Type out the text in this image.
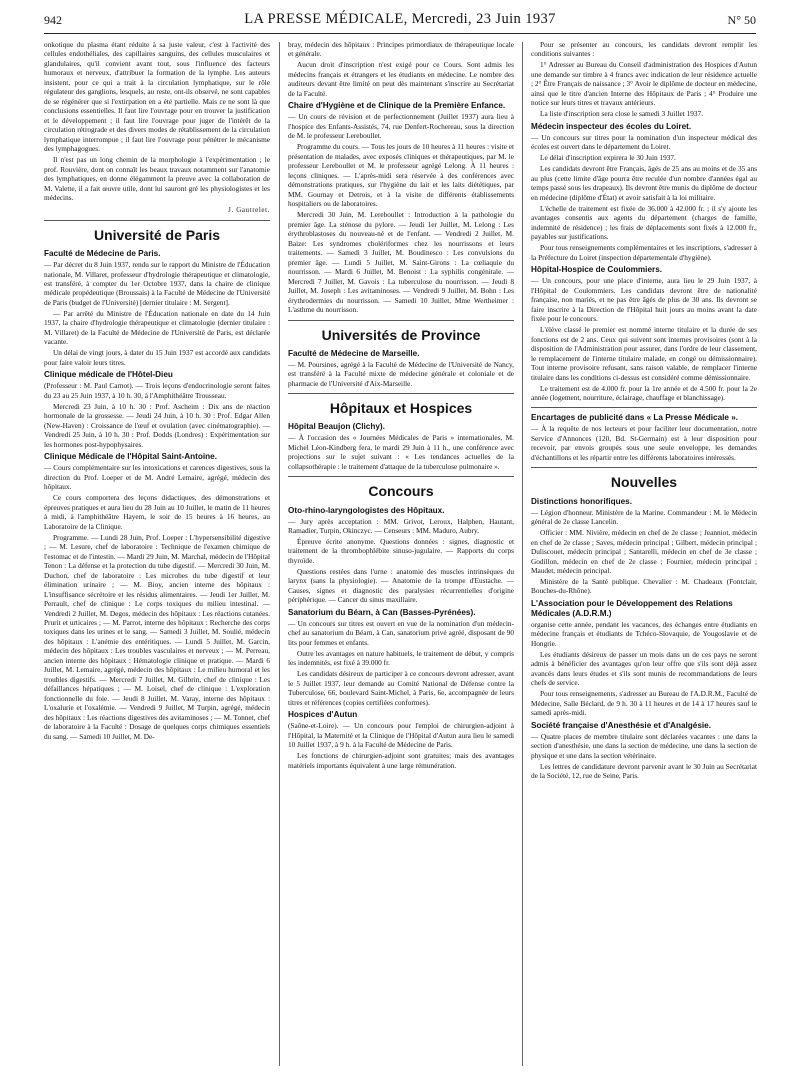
942	LA PRESSE MÉDICALE, Mercredi, 23 Juin 1937	N° 50

onkotique du plasma étant réduite à sa juste valeur, c'est à l'activité des cellules endothéliales, des capillaires sanguins, des cellules musculaires et glandulaires, qu'il convient avant tout, sous l'influence des facteurs humoraux et nerveux, d'attribuer la formation de la lymphe. Les auteurs insistent, pour ce qui a trait à la circulation lymphatique, sur le rôle régulateur des ganglions, lesquels, au reste, ont-ils observé, ne sont capables de se régénérer que si l'extirpation en a été partielle. Mais ce ne sont là que conclusions essentielles. Il faut lire l'ouvrage pour en trouver la justification et le développement ; il faut lire l'ouvrage pour juger de l'intérêt de la circulation rétrograde et des divers modes de rétablissement de la circulation lymphatique interrompue ; il faut lire l'ouvrage pour pénétrer le mécanisme des lymphagogues.

Il n'est pas un long chemin de la morphologie à l'expérimentation ; le prof. Rouvière, dont on connaît les beaux travaux notamment sur l'anatomie des lymphatiques, en donne élégamment la preuve avec la collaboration de M. Valette, il a fait œuvre utile, dont lui sauront gré les physiologistes et les médecins.

J. Gautrelet.
Université de Paris
Faculté de Médecine de Paris.

— Par décret du 8 Juin 1937, rendu sur le rapport du Ministre de l'Éducation nationale, M. Villaret, professeur d'hydrologie thérapeutique et climatologie, est transféré, à compter du 1er Octobre 1937, dans la chaire de clinique médicale propédeutique (Broussais) à la Faculté de Médecine de l'Université de Paris (budget de l'Université) [dernier titulaire : M. Sergent].

— Par arrêté du Ministre de l'Éducation nationale en date du 14 Juin 1937, la chaire d'hydrologie thérapeutique et climatologie (dernier titulaire : M. Villaret) de la Faculté de Médecine de l'Université de Paris, est déclarée vacante.

Un délai de vingt jours, à dater du 15 Juin 1937 est accordé aux candidats pour faire valoir leurs titres.

Clinique médicale de l'Hôtel-Dieu

(Professeur : M. Paul Carnot). — Trois leçons d'endocrinologie seront faites du 23 au 25 Juin 1937, à 10 h. 30, à l'Amphithéâtre Trousseau.

Mercredi 23 Juin, à 10 h. 30 : Prof. Ascheim : Dix ans de réaction hormonale de la grossesse. — Jeudi 24 Juin, à 10 h. 30 : Prof. Edgar Allen (New-Haven) : Croissance de l'œuf et ovulation (avec cinématographie). — Vendredi 25 Juin, à 10 h. 30 : Prof. Dodds (Londres) : Expérimentation sur les hormones post-hypophysaires.

Clinique Médicale de l'Hôpital Saint-Antoine.

— Cours complémentaire sur les intoxications et carences digestives, sous la direction du Prof. Loeper et de M. André Lemaire, agrégé, médecin des hôpitaux.

Ce cours comportera des leçons didactiques, des démonstrations et épreuves pratiques et aura lieu du 28 Juin au 10 Juillet, le matin de 11 heures à midi, à l'amphithéâtre Hayem, le soir de 15 heures à 16 heures, au Laboratoire de la Clinique.

Programme. — Lundi 28 Juin, Prof. Loeper : L'hypersensibilité digestive ; — M. Lesure, chef de laboratoire : Technique de l'examen chimique de l'estomac et de l'intestin. — Mardi 29 Juin, M. Marchal, médecin de l'Hôpital Tenon : La défense et la protection du tube digestif. — Mercredi 30 Juin, M. Duchon, chef de laboratoire : Les microbes du tube digestif et leur élimination urinaire ; — M. Bioy, ancien interne des hôpitaux : L'insuffisance sécrétoire et les résidus alimentaires. — Jeudi 1er Juillet, M. Perrault, chef de clinique : Le corps toxiques du milieu intestinal. — Vendredi 2 Juillet, M. Degos, médecin des hôpitaux : Les réactions cutanées. Prurit et urticaires ; — M. Parrot, interne des hôpitaux : Recherche des corps toxiques dans les urines et le sang. — Samedi 3 Juillet, M. Soulié, médecin des hôpitaux : L'anémie des entéritiques. — Lundi 5 Juillet, M. Garcin, médecin des hôpitaux : Les troubles vasculaires et nerveux ; — M. Perreau, ancien interne des hôpitaux : Hématologie clinique et pratique. — Mardi 6 Juillet, M. Lemaire, agrégé, médecin des hôpitaux : Le milieu humoral et les troubles digestifs. — Mercredi 7 Juillet, M. Gilbrin, chef de clinique : Les défaillances hépatiques ; — M. Loisel, chef de clinique : L'exploration fonctionnelle du foie. — Jeudi 8 Juillet, M. Varay, interne des hôpitaux : L'oxalurie et l'oxalémie. — Vendredi 9 Juillet, M Turpin, agrégé, médecin des hôpitaux : Les réactions digestives des avitaminoses ; — M. Tonnet, chef de laboratoire à la Faculté : Dosage de quelques corps chimiques essentiels du sang. — Samedi 10 Juillet, M. De-

bray, médecin des hôpitaux : Principes primordiaux de thérapeutique locale et générale.

Aucun droit d'inscription n'est exigé pour ce Cours. Sont admis les médecins français et étrangers et les étudiants en médecine. Le nombre des auditeurs devant être limité on peut dès maintenant s'inscrire au Secrétariat de la Faculté.

Chaire d'Hygiène et de Clinique de la Première Enfance.

— Un cours de révision et de perfectionnement (Juillet 1937) aura lieu à l'hospice des Enfants-Assistés, 74, rue Denfert-Rochereau, sous la direction de M. le professeur Lereboullet.

Programme du cours. — Tous les jours de 10 heures à 11 heures : visite et présentation de malades, avec exposés cliniques et thérapeutiques, par M. le professeur Lereboullet et M. le professeur agrégé Lelong. À 11 heures : leçons cliniques. — L'après-midi sera réservée à des conférences avec démonstrations pratiques, sur l'hygiène du lait et les laits diététiques, par MM. Gournay et Detrois, et à la visite de différents établissements hospitaliers ou de laboratoires.

Mercredi 30 Juin, M. Lereboullet : Introduction à la pathologie du premier âge. La sténose du pylore. — Jeudi 1er Juillet, M. Lelong : Les érythroblastoses du nouveau-né et de l'enfant. — Vendredi 2 Juillet, M. Baize: Les syndromes cholériformes chez les nourrissons et leurs traitements. — Samedi 3 Juillet, M. Boudinesco : Les convulsions du premier âge. — Lundi 5 Juillet, M. Saint-Girons : La cœliaquie du nourrisson. — Mardi 6 Juillet, M. Benoist : La syphilis congénitale. — Mercredi 7 Juillet, M. Gavois : La tuberculose du nourrisson. — Jeudi 8 Juillet, M. Joseph : Les avitaminoses. — Vendredi 9 Juillet, M. Bohn : Les érythrodermies du nourrisson. — Samedi 10 Juillet, Mme Wertheimer : L'asthme du nourrisson.

Universités de Province
Faculté de Médecine de Marseille.

— M. Poursines, agrégé à la Faculté de Médecine de l'Université de Nancy, est transféré à la Faculté mixte de médecine générale et coloniale et de pharmacie de l'Université d'Aix-Marseille.

Hôpitaux et Hospices
Hôpital Beaujon (Clichy).

— À l'occasion des « Journées Médicales de Paris » internationales, M. Michel Léon-Kindberg fera, le mardi 29 Juin à 11 h., une conférence avec projections sur le sujet suivant : « Les tendances actuelles de la collapsothérapie : le traitement d'attaque de la tuberculose pulmonaire ».

Concours
Oto-rhino-laryngologistes des Hôpitaux.

— Jury après acceptation : MM. Grivot, Leroux, Halphen, Hautant, Ramadier, Turpin, Okinczyc. — Censeurs : MM. Maduro, Aubry.

Épreuve écrite anonyme. Questions données : signes, diagnostic et traitement de la thrombophlébite sinuso-jugulaire. — Rapports du corps thyroïde.

Questions restées dans l'urne : anatomie des muscles intrinsèques du larynx (sans la physiologie). — Anatomie de la trompe d'Eustache. — Causes, signes et diagnostic des paralysies récurrentielles d'origine périphérique. — Cancer du sinus maxillaire.

Sanatorium du Béarn, à Can (Basses-Pyrénées).

— Un concours sur titres est ouvert en vue de la nomination d'un médecin-chef au sanatorium du Béarn, à Can, sanatorium privé agréé, disposant de 90 lits pour femmes et enfants.

Outre les avantages en nature habituels, le traitement de début, y compris les indemnités, est fixé à 39.000 fr.

Les candidats désireux de participer à ce concours devront adresser, avant le 5 Juillet 1937, leur demande au Comité National de Défense contre la Tuberculose, 66, boulevard Saint-Michel, à Paris, 6e, accompagnée de leurs titres et références (copies certifiées conformes).

Hospices d'Autun

(Saône-et-Loire). — Un concours pour l'emploi de chirurgien-adjoint à l'Hôpital, la Maternité et la Clinique de l'Hôpital d'Autun aura lieu le samedi 10 Juillet 1937, à 9 h. à la Faculté de Médecine de Paris.

Les fonctions de chirurgien-adjoint sont gratuites; mais des avantages matériels importants équivalent à une large rémunération.

Pour se présenter au concours, les candidats devront remplir les conditions suivantes :

1° Adresser au Bureau du Conseil d'administration des Hospices d'Autun une demande sur timbre à 4 francs avec indication de leur résidence actuelle ; 2° Être Français de naissance ; 3° Avoir le diplôme de docteur en médecine, ainsi que le titre d'ancien Interne des Hôpitaux de Paris ; 4° Produire une notice sur leurs titres et travaux antérieurs.

La liste d'inscription sera close le samedi 3 Juillet 1937.

Médecin inspecteur des écoles du Loiret.

— Un concours sur titres pour la nomination d'un inspecteur médical des écoles est ouvert dans le département du Loiret.

Le délai d'inscription expirera le 30 Juin 1937.

Les candidats devront être Français, âgés de 25 ans au moins et de 35 ans au plus (cette limite d'âge pourra être reculée d'un nombre d'années égal au temps passé sous les drapeaux). Ils devront être munis du diplôme de docteur en médecine (diplôme d'État) et avoir satisfait à la loi militaire.

L'échelle de traitement est fixée de 36.000 à 42.000 fr. ; il s'y ajoute les avantages consentis aux agents du département (charges de famille, indemnité de résidence) ; les frais de déplacements sont fixés à 12.000 fr., payables sur justifications.

Pour tous renseignements complémentaires et les inscriptions, s'adresser à la Préfecture du Loiret (inspection départementale d'hygiène).

Hôpital-Hospice de Coulommiers.

— Un concours, pour une place d'interne, aura lieu le 29 Juin 1937, à l'Hôpital de Coulommiers. Les candidats devront être de nationalité française, non mariés, et ne pas être âgés de plus de 30 ans. Ils devront se faire inscrire à la Direction de l'Hôpital huit jours au moins avant la date fixée pour le concours.

L'élève classé le premier est nommé interne titulaire et la durée de ses fonctions est de 2 ans. Ceux qui suivent sont internes provisoires (sont à la disposition de l'Administration pour assurer, dans l'ordre de leur classement, le remplacement de l'interne titulaire malade, en congé ou démissionnaire). Tout interne provisoire refusant, sans raison valable, de remplacer l'interne titulaire dans les conditions ci-dessus est considéré comme démissionnaire.

Le traitement est de 4.000 fr. pour la 1re année et de 4.500 fr. pour la 2e année (logement, nourriture, éclairage, chauffage et blanchissage).

Encartages de publicité dans « La Presse Médicale ».

— À la requête de nos lecteurs et pour faciliter leur documentation, notre Service d'Annonces (120, Bd. St-Germain) est à leur disposition pour recevoir, par envois groupés sous une seule enveloppe, les demandes d'échantillons et les répartir entre les différents laboratoires intéressés.

Nouvelles
Distinctions honorifiques.

— Légion d'honneur. Ministère de la Marine. Commandeur : M. le Médecin général de 2e classe Lancelin.

Officier : MM. Nivière, médecin en chef de 2e classe ; Jeanniot, médecin en chef de 2e classe ; Saves, médecin principal ; Gilbert, médecin principal ; Duliscouet, médecin principal ; Santarelli, médecin en chef de 3e classe ; Godillon, médecin en chef de 2e classe ; Fournier, médecin principal ; Maudet, médecin principal.

Ministère de la Santé publique. Chevalier : M. Chadeaux (Fontclair, Bouches-du-Rhône).

L'Association pour le Développement des Relations Médicales (A.D.R.M.)

organise cette année, pendant les vacances, des échanges entre étudiants en médecine français et étudiants de Tchéco-Slovaquie, de Yougoslavie et de Hongrie.

Les étudiants désireux de passer un mois dans un de ces pays ne seront admis à bénéficier des avantages qu'on leur offre que s'ils sont déjà assez avancés dans leurs études et s'ils sont munis de recommandations de leurs chefs de service.

Pour tous renseignements, s'adresser au Bureau de l'A.D.R.M., Faculté de Médecine, Salle Béclard, de 9 h. 30 à 11 heures et de 14 à 17 heures sauf le samedi après-midi.

Société française d'Anesthésie et d'Analgésie.

— Quatre places de membre titulaire sont déclarées vacantes : une dans la section d'anesthésie, une dans la section de médecine, une dans la section de physique et une dans la section vétérinaire.

Les lettres de candidature devront parvenir avant le 30 Juin au Secrétariat de la Société, 12, rue de Seine, Paris.
